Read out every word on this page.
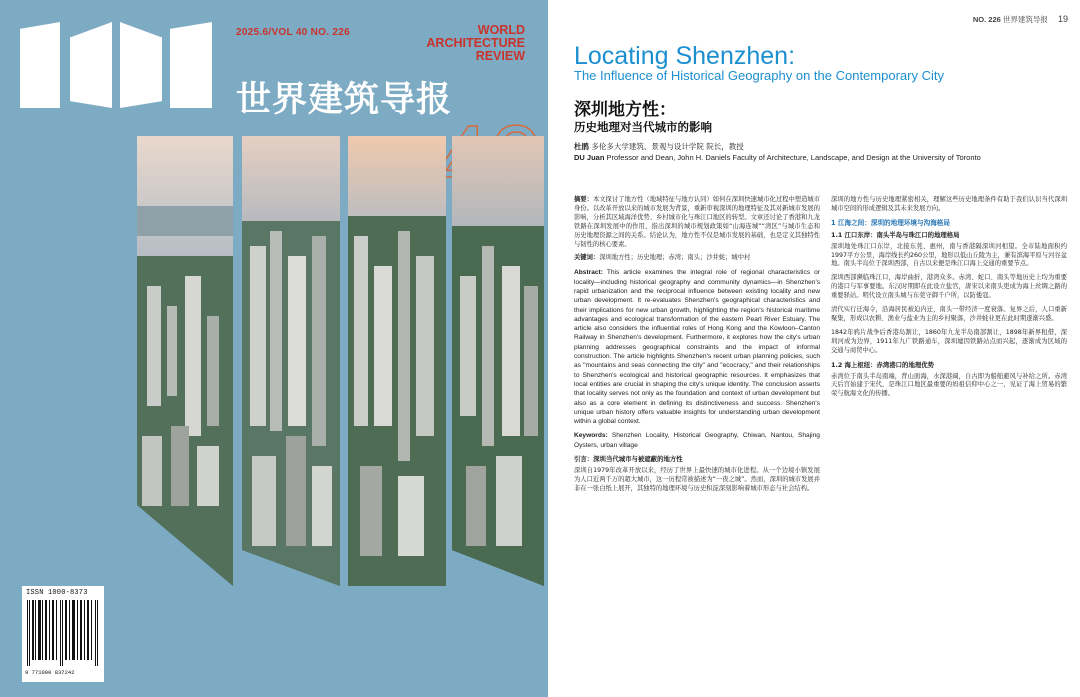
2025.6/VOL 40 NO. 226	WORLD
ARCHITECTURE
REVIEW
世界建筑导报
ISSN 1000-8373
9 771000 837242
NO. 226 世界建筑导报 19
Locating Shenzhen:
The Influence of Historical Geography on the Contemporary City
深圳地方性：
历史地理对当代城市的影响
杜鹃 多伦多大学建筑、景观与设计学院 院长，教授
DU Juan Professor and Dean, John H. Daniels Faculty of Architecture, Landscape, and Design at the University of Toronto

摘要：本文探讨了地方性（地域特征与地方认同）如何在深圳快速城市化过程中塑造城市身份。以改革开放以来的城市发展为背景，重新审视深圳的地理特征及其对新城市发展的影响，分析其区域海洋优势、乡村城市化与珠江口地区的转型。文章还讨论了香港和九龙铁路在深圳发展中的作用，指出深圳的城市规划政策如“山海连城”“湾区”与城市生态和历史地理资源之间的关系。结论认为，地方性不仅是城市发展的基础，也是定义其独特性与韧性的核心要素。

关键词：深圳地方性；历史地理；赤湾；南头；沙井蚝；城中村

Abstract: This article examines the integral role of regional characteristics or locality—including historical geography and community dynamics—in Shenzhen's rapid urbanization and the reciprocal influence between existing locality and new urban development. It re-evaluates Shenzhen's geographical characteristics and their implications for new urban growth, highlighting the region's historical maritime advantages and ecological transformation of the eastern Pearl River Estuary. The article also considers the influential roles of Hong Kong and the Kowloon–Canton Railway in Shenzhen's development. Furthermore, it explores how the city's urban planning addresses geographical constraints and the impact of informal construction. The article highlights Shenzhen's recent urban planning policies, such as "mountains and seas connecting the city" and "ecocracy," and their relationships to Shenzhen's ecological and historical geographic resources. It emphasizes that local entities are crucial in shaping the city's unique identity. The conclusion asserts that locality serves not only as the foundation and context of urban development but also as a core element in defining its distinctiveness and success. Shenzhen's unique urban history offers valuable insights for understanding urban development within a global context.

Keywords: Shenzhen Locality, Historical Geography, Chiwan, Nantou, Shajing Oysters, urban village

引言：深圳当代城市与被遮蔽的地方性

深圳自1979年改革开放以来，经历了世界上最快速的城市化进程。从一个边境小镇发展为人口近两千万的超大城市，这一历程常被描述为“一夜之城”。然而，深圳的城市发展并非在一张白纸上展开，其独特的地理环境与历史积淀深刻影响着城市形态与社会结构。

深圳的地方性与历史地理紧密相关，理解这些历史地理条件有助于我们认识当代深圳城市空间的形成逻辑及其未来发展方向。

1 江海之间：深圳的地理环境与沟海格局
1.1 江口东岸：南头半岛与珠江口的地理格局

深圳地处珠江口东岸，北接东莞、惠州，南与香港隔深圳河相望。全市陆地面积约1997平方公里，海岸线长约260公里，地形以低山丘陵为主，兼有滨海平原与河谷盆地。南头半岛位于深圳西部，自古以来便是珠江口海上交通的重要节点。

深圳西部濒临珠江口，海岸曲折，港湾众多。赤湾、蛇口、南头等地历史上均为重要的港口与军事要地。东汉时期即在此设立盐官，唐宋以来南头更成为海上丝绸之路的重要驿站。明代设立南头城与东莞守御千户所，以防倭寇。

清代实行迁海令，沿海居民被迫内迁，南头一带经济一度衰落。复界之后，人口重新聚集，形成以农耕、渔业与盐业为主的乡村聚落，沙井蚝业更在此时期逐渐兴盛。

1842年鸦片战争后香港岛割让，1860年九龙半岛南部割让，1898年新界租借，深圳河成为边界，1911年九广铁路通车，深圳墟因铁路站点而兴起，逐渐成为区域的交通与商贸中心。

1.2 海上枢纽：赤湾港口的地理优势

赤湾位于南头半岛南端，背山面海，水深港阔，自古即为船舶避风与补给之所。赤湾天后宫始建于宋代，是珠江口地区最重要的妈祖信仰中心之一，见证了海上贸易的繁荣与航海文化的传播。
